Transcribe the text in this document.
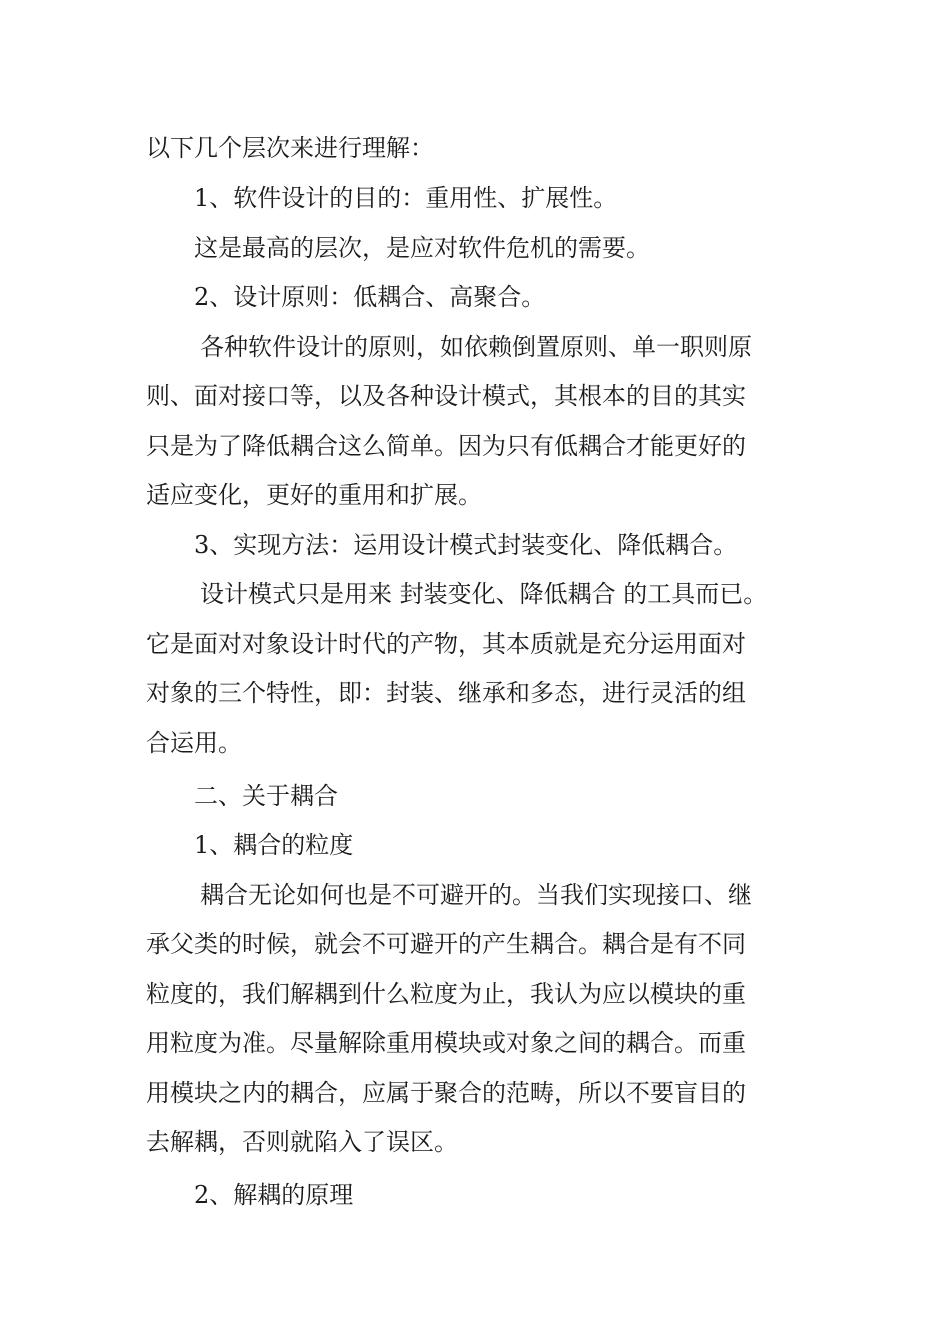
以下几个层次来进行理解：
1、软件设计的目的：重用性、扩展性。
这是最高的层次，是应对软件危机的需要。
2、设计原则：低耦合、高聚合。
各种软件设计的原则，如依赖倒置原则、单一职则原
则、面对接口等，以及各种设计模式，其根本的目的其实
只是为了降低耦合这么简单。因为只有低耦合才能更好的
适应变化，更好的重用和扩展。
3、实现方法：运用设计模式封装变化、降低耦合。
设计模式只是用来 封装变化、降低耦合 的工具而已。
它是面对对象设计时代的产物，其本质就是充分运用面对
对象的三个特性，即：封装、继承和多态，进行灵活的组
合运用。
二、关于耦合
1、耦合的粒度
耦合无论如何也是不可避开的。当我们实现接口、继
承父类的时候，就会不可避开的产生耦合。耦合是有不同
粒度的，我们解耦到什么粒度为止，我认为应以模块的重
用粒度为准。尽量解除重用模块或对象之间的耦合。而重
用模块之内的耦合，应属于聚合的范畴，所以不要盲目的
去解耦，否则就陷入了误区。
2、解耦的原理
